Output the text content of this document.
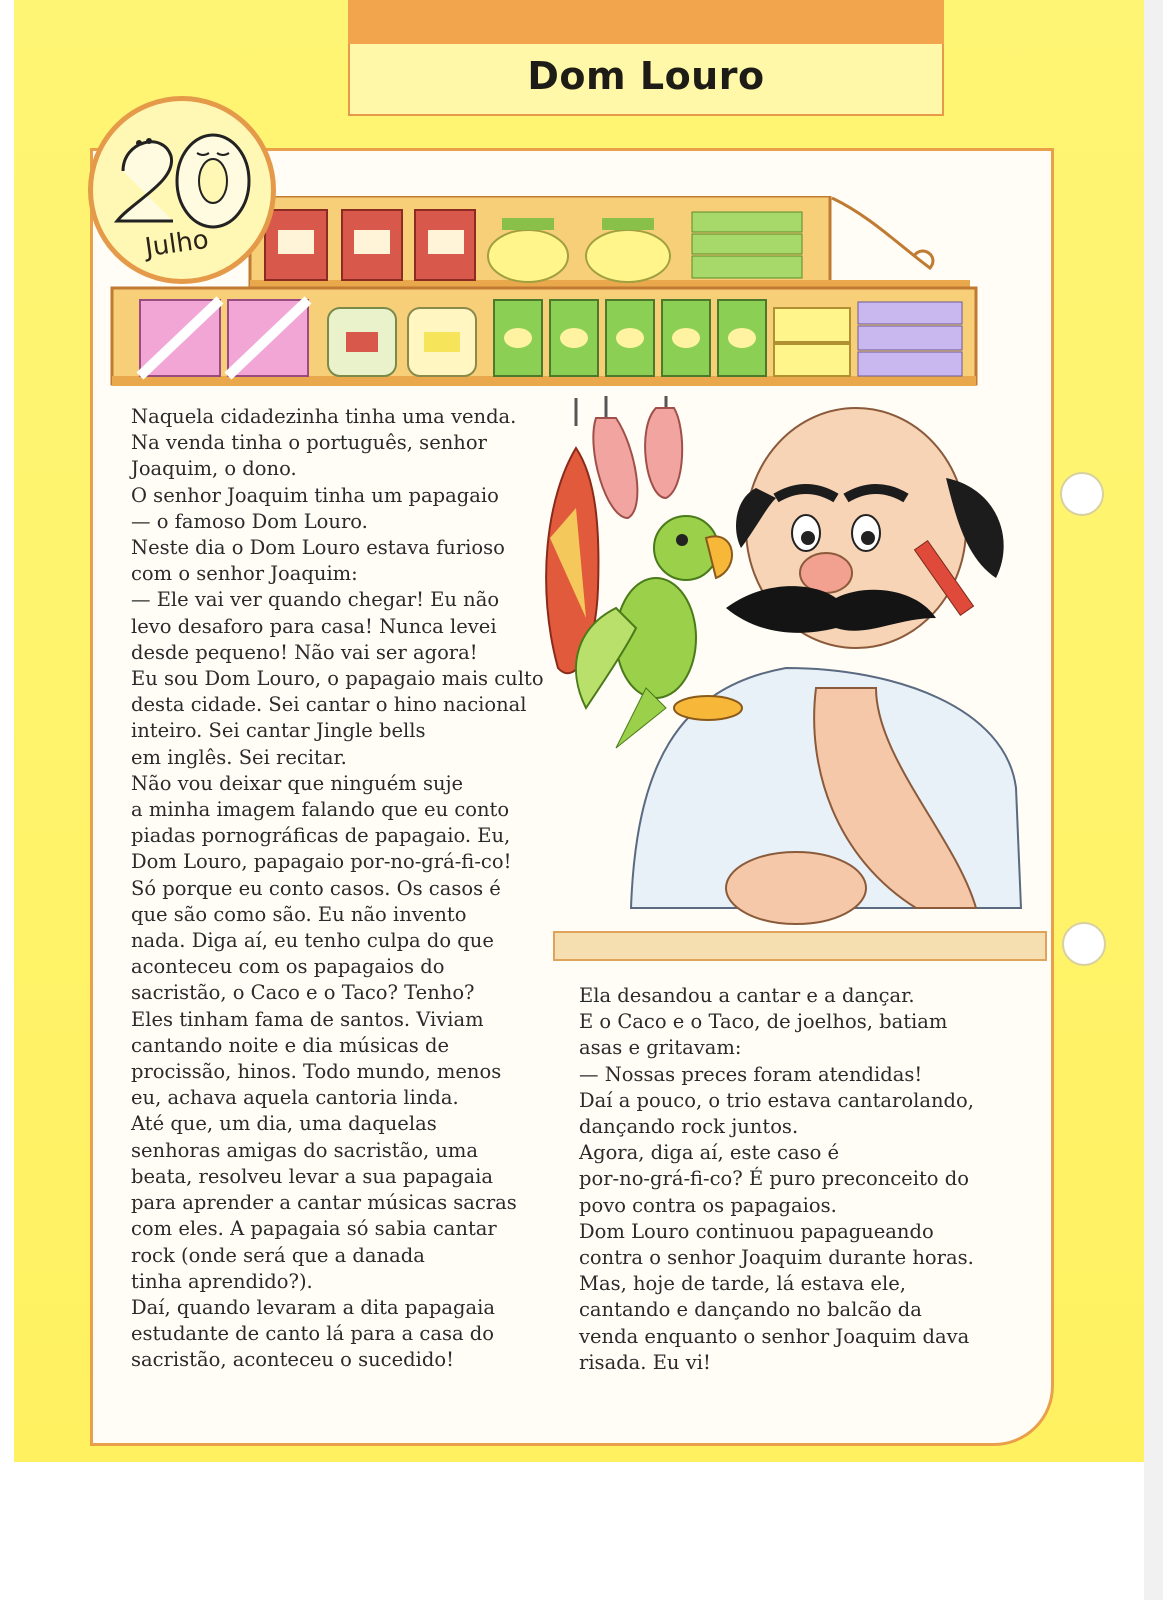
Dom Louro
Julho
Naquela cidadezinha tinha uma venda.
Na venda tinha o português, senhor
Joaquim, o dono.
O senhor Joaquim tinha um papagaio
— o famoso Dom Louro.
Neste dia o Dom Louro estava furioso
com o senhor Joaquim:
— Ele vai ver quando chegar! Eu não
levo desaforo para casa! Nunca levei
desde pequeno! Não vai ser agora!
Eu sou Dom Louro, o papagaio mais culto
desta cidade. Sei cantar o hino nacional
inteiro. Sei cantar Jingle bells
em inglês. Sei recitar.
Não vou deixar que ninguém suje
a minha imagem falando que eu conto
piadas pornográficas de papagaio. Eu,
Dom Louro, papagaio por-no-grá-fi-co!
Só porque eu conto casos. Os casos é
que são como são. Eu não invento
nada. Diga aí, eu tenho culpa do que
aconteceu com os papagaios do
sacristão, o Caco e o Taco? Tenho?
Eles tinham fama de santos. Viviam
cantando noite e dia músicas de
procissão, hinos. Todo mundo, menos
eu, achava aquela cantoria linda.
Até que, um dia, uma daquelas
senhoras amigas do sacristão, uma
beata, resolveu levar a sua papagaia
para aprender a cantar músicas sacras
com eles. A papagaia só sabia cantar
rock (onde será que a danada
tinha aprendido?).
Daí, quando levaram a dita papagaia
estudante de canto lá para a casa do
sacristão, aconteceu o sucedido!
Ela desandou a cantar e a dançar.
E o Caco e o Taco, de joelhos, batiam
asas e gritavam:
— Nossas preces foram atendidas!
Daí a pouco, o trio estava cantarolando,
dançando rock juntos.
Agora, diga aí, este caso é
por-no-grá-fi-co? É puro preconceito do
povo contra os papagaios.
Dom Louro continuou papagueando
contra o senhor Joaquim durante horas.
Mas, hoje de tarde, lá estava ele,
cantando e dançando no balcão da
venda enquanto o senhor Joaquim dava
risada. Eu vi!
